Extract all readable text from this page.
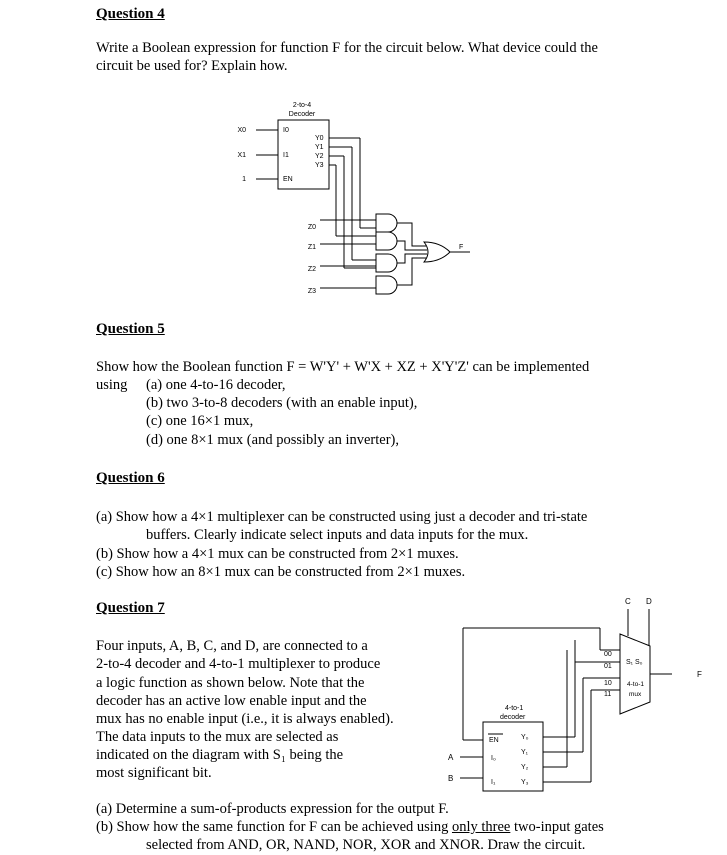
Question 4
Write a Boolean expression for function F for the circuit below. What device could the
circuit be used for? Explain how.
2-to-4
Decoder
X0
X1
1
I0
I1
EN
Y0
Y1
Y2
Y3
Z0
Z1
Z2
Z3
F
Question 5
Show how the Boolean function F = W'Y' + W'X + XZ + X'Y'Z' can be implemented
using (a) one 4-to-16 decoder,
(b) two 3-to-8 decoders (with an enable input),
(c) one 16×1 mux,
(d) one 8×1 mux (and possibly an inverter),
Question 6
(a) Show how a 4×1 multiplexer can be constructed using just a decoder and tri-state
buffers. Clearly indicate select inputs and data inputs for the mux.
(b) Show how a 4×1 mux can be constructed from 2×1 muxes.
(c) Show how an 8×1 mux can be constructed from 2×1 muxes.
Question 7
Four inputs, A, B, C, and D, are connected to a
2-to-4 decoder and 4-to-1 multiplexer to produce
a logic function as shown below. Note that the
decoder has an active low enable input and the
mux has no enable input (i.e., it is always enabled).
The data inputs to the mux are selected as
indicated on the diagram with S₁ being the
most significant bit.
(a) Determine a sum-of-products expression for the output F.
(b) Show how the same function for F can be achieved using only three two-input gates
selected from AND, OR, NAND, NOR, XOR and XNOR. Draw the circuit.
C D
S₁ S₀
4-to-1
mux
00
01
10
11
F
4-to-1
decoder
EN
I₀
I₁
Y₀
Y₁
Y₂
Y₃
A
B
